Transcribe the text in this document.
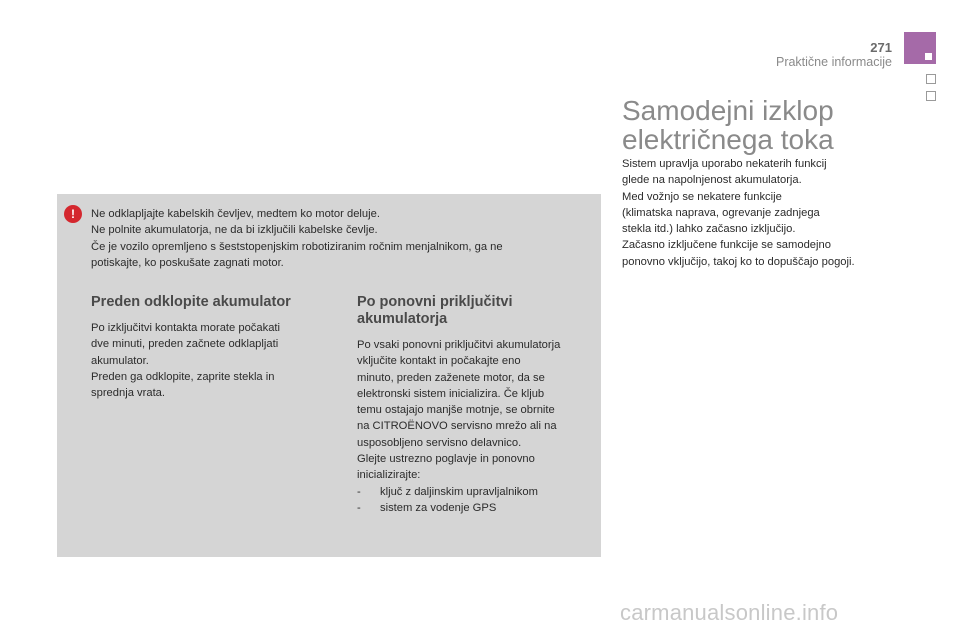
271
Praktične informacije
Samodejni izklop električnega toka

Sistem upravlja uporabo nekaterih funkcij
glede na napolnjenost akumulatorja.
Med vožnjo se nekatere funkcije
(klimatska naprava, ogrevanje zadnjega
stekla itd.) lahko začasno izključijo.
Začasno izključene funkcije se samodejno
ponovno vključijo, takoj ko to dopuščajo pogoji.

!	Ne odklapljajte kabelskih čevljev, medtem ko motor deluje.
Ne polnite akumulatorja, ne da bi izključili kabelske čevlje.
Če je vozilo opremljeno s šeststopenjskim robotiziranim ročnim menjalnikom, ga ne
potiskajte, ko poskušate zagnati motor.

Preden odklopite akumulator

Po izključitvi kontakta morate počakati
dve minuti, preden začnete odklapljati
akumulator.
Preden ga odklopite, zaprite stekla in
sprednja vrata.

Po ponovni priključitvi akumulatorja

Po vsaki ponovni priključitvi akumulatorja
vključite kontakt in počakajte eno
minuto, preden zaženete motor, da se
elektronski sistem inicializira. Če kljub
temu ostajajo manjše motnje, se obrnite
na CITROËNOVO servisno mrežo ali na
usposobljeno servisno delavnico.
Glejte ustrezno poglavje in ponovno
inicializirajte:

- ključ z daljinskim upravljalnikom
- sistem za vodenje GPS
carmanualsonline.info
